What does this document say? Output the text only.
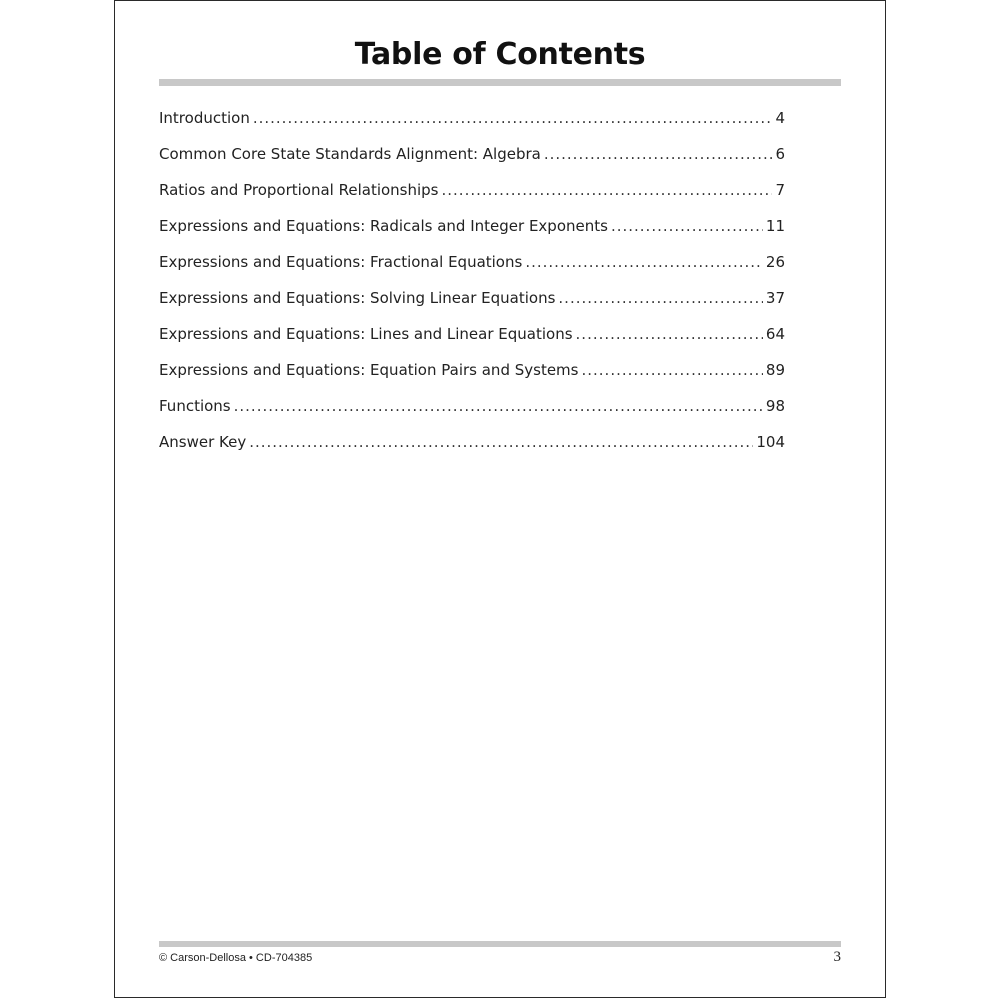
Table of Contents
Introduction .....	4
Common Core State Standards Alignment: Algebra .....	6
Ratios and Proportional Relationships .....	7
Expressions and Equations: Radicals and Integer Exponents .....	11
Expressions and Equations: Fractional Equations .....	26
Expressions and Equations: Solving Linear Equations .....	37
Expressions and Equations: Lines and Linear Equations .....	64
Expressions and Equations: Equation Pairs and Systems .....	89
Functions .....	98
Answer Key .....	104
© Carson-Dellosa • CD-704385	3
